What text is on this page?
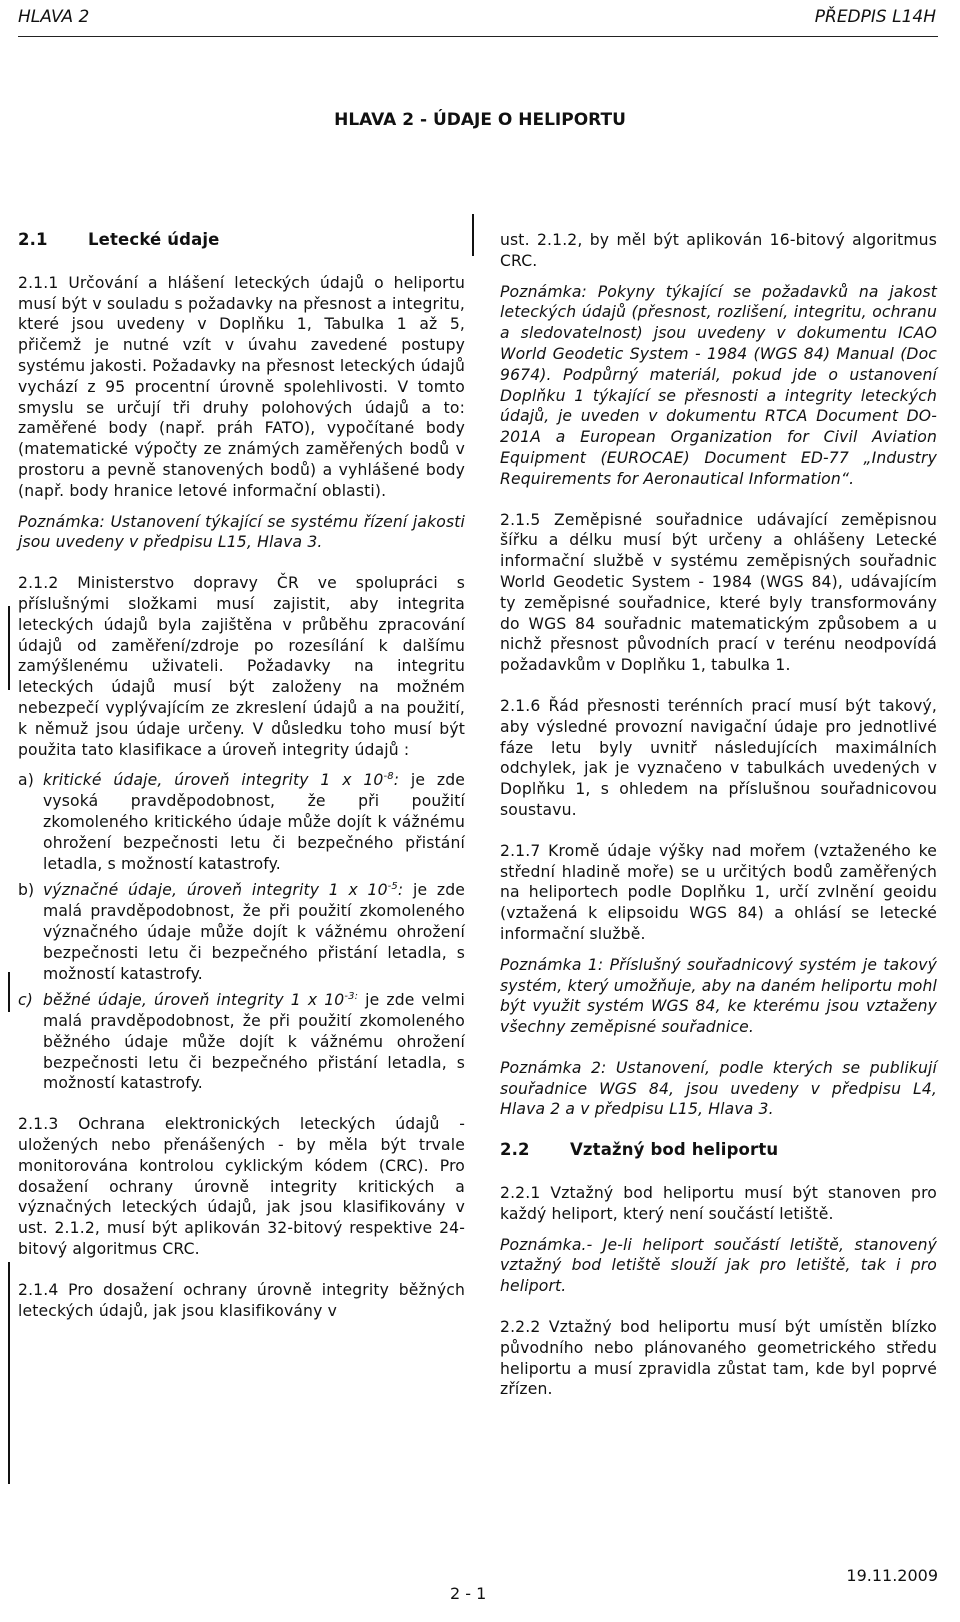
HLAVA 2	PŘEDPIS L14H
HLAVA 2 - ÚDAJE O HELIPORTU
2.1 Letecké údaje

2.1.1 Určování a hlášení leteckých údajů o heliportu musí být v souladu s požadavky na přesnost a integritu, které jsou uvedeny v Doplňku 1, Tabulka 1 až 5, přičemž je nutné vzít v úvahu zavedené postupy systému jakosti. Požadavky na přesnost leteckých údajů vychází z 95 procentní úrovně spolehlivosti. V tomto smyslu se určují tři druhy polohových údajů a to: zaměřené body (např. práh FATO), vypočítané body (matematické výpočty ze známých zaměřených bodů v prostoru a pevně stanovených bodů) a vyhlášené body (např. body hranice letové informační oblasti).

Poznámka: Ustanovení týkající se systému řízení jakosti jsou uvedeny v předpisu L15, Hlava 3.

2.1.2 Ministerstvo dopravy ČR ve spolupráci s příslušnými složkami musí zajistit, aby integrita leteckých údajů byla zajištěna v průběhu zpracování údajů od zaměření/zdroje po rozesílání k dalšímu zamýšlenému uživateli. Požadavky na integritu leteckých údajů musí být založeny na možném nebezpečí vyplývajícím ze zkreslení údajů a na použití, k němuž jsou údaje určeny. V důsledku toho musí být použita tato klasifikace a úroveň integrity údajů :

a) kritické údaje, úroveň integrity 1 x $10^{-8}$: je zde vysoká pravděpodobnost, že při použití zkomoleného kritického údaje může dojít k vážnému ohrožení bezpečnosti letu či bezpečného přistání letadla, s možností katastrofy.
b) význačné údaje, úroveň integrity 1 x $10^{-5}$: je zde malá pravděpodobnost, že při použití zkomoleného význačného údaje může dojít k vážnému ohrožení bezpečnosti letu či bezpečného přistání letadla, s možností katastrofy.
c) běžné údaje, úroveň integrity 1 x $10^{-3:}$ je zde velmi malá pravděpodobnost, že při použití zkomoleného běžného údaje může dojít k vážnému ohrožení bezpečnosti letu či bezpečného přistání letadla, s možností katastrofy.

2.1.3 Ochrana elektronických leteckých údajů - uložených nebo přenášených - by měla být trvale monitorována kontrolou cyklickým kódem (CRC). Pro dosažení ochrany úrovně integrity kritických a význačných leteckých údajů, jak jsou klasifikovány v ust. 2.1.2, musí být aplikován 32-bitový respektive 24-bitový algoritmus CRC.

2.1.4 Pro dosažení ochrany úrovně integrity běžných leteckých údajů, jak jsou klasifikovány v

ust. 2.1.2, by měl být aplikován 16-bitový algoritmus CRC.

Poznámka: Pokyny týkající se požadavků na jakost leteckých údajů (přesnost, rozlišení, integritu, ochranu a sledovatelnost) jsou uvedeny v dokumentu ICAO World Geodetic System - 1984 (WGS 84) Manual (Doc 9674). Podpůrný materiál, pokud jde o ustanovení Doplňku 1 týkající se přesnosti a integrity leteckých údajů, je uveden v dokumentu RTCA Document DO-201A a European Organization for Civil Aviation Equipment (EUROCAE) Document ED-77 „Industry Requirements for Aeronautical Information“.

2.1.5 Zeměpisné souřadnice udávající zeměpisnou šířku a délku musí být určeny a ohlášeny Letecké informační službě v systému zeměpisných souřadnic World Geodetic System - 1984 (WGS 84), udávajícím ty zeměpisné souřadnice, které byly transformovány do WGS 84 souřadnic matematickým způsobem a u nichž přesnost původních prací v terénu neodpovídá požadavkům v Doplňku 1, tabulka 1.

2.1.6 Řád přesnosti terénních prací musí být takový, aby výsledné provozní navigační údaje pro jednotlivé fáze letu byly uvnitř následujících maximálních odchylek, jak je vyznačeno v tabulkách uvedených v Doplňku 1, s ohledem na příslušnou souřadnicovou soustavu.

2.1.7 Kromě údaje výšky nad mořem (vztaženého ke střední hladině moře) se u určitých bodů zaměřených na heliportech podle Doplňku 1, určí zvlnění geoidu (vztažená k elipsoidu WGS 84) a ohlásí se letecké informační službě.

Poznámka 1: Příslušný souřadnicový systém je takový systém, který umožňuje, aby na daném heliportu mohl být využit systém WGS 84, ke kterému jsou vztaženy všechny zeměpisné souřadnice.

Poznámka 2: Ustanovení, podle kterých se publikují souřadnice WGS 84, jsou uvedeny v předpisu L4, Hlava 2 a v předpisu L15, Hlava 3.

2.2 Vztažný bod heliportu

2.2.1 Vztažný bod heliportu musí být stanoven pro každý heliport, který není součástí letiště.

Poznámka.- Je-li heliport součástí letiště, stanovený vztažný bod letiště slouží jak pro letiště, tak i pro heliport.

2.2.2 Vztažný bod heliportu musí být umístěn blízko původního nebo plánovaného geometrického středu heliportu a musí zpravidla zůstat tam, kde byl poprvé zřízen.

19.11.2009
2 - 1
